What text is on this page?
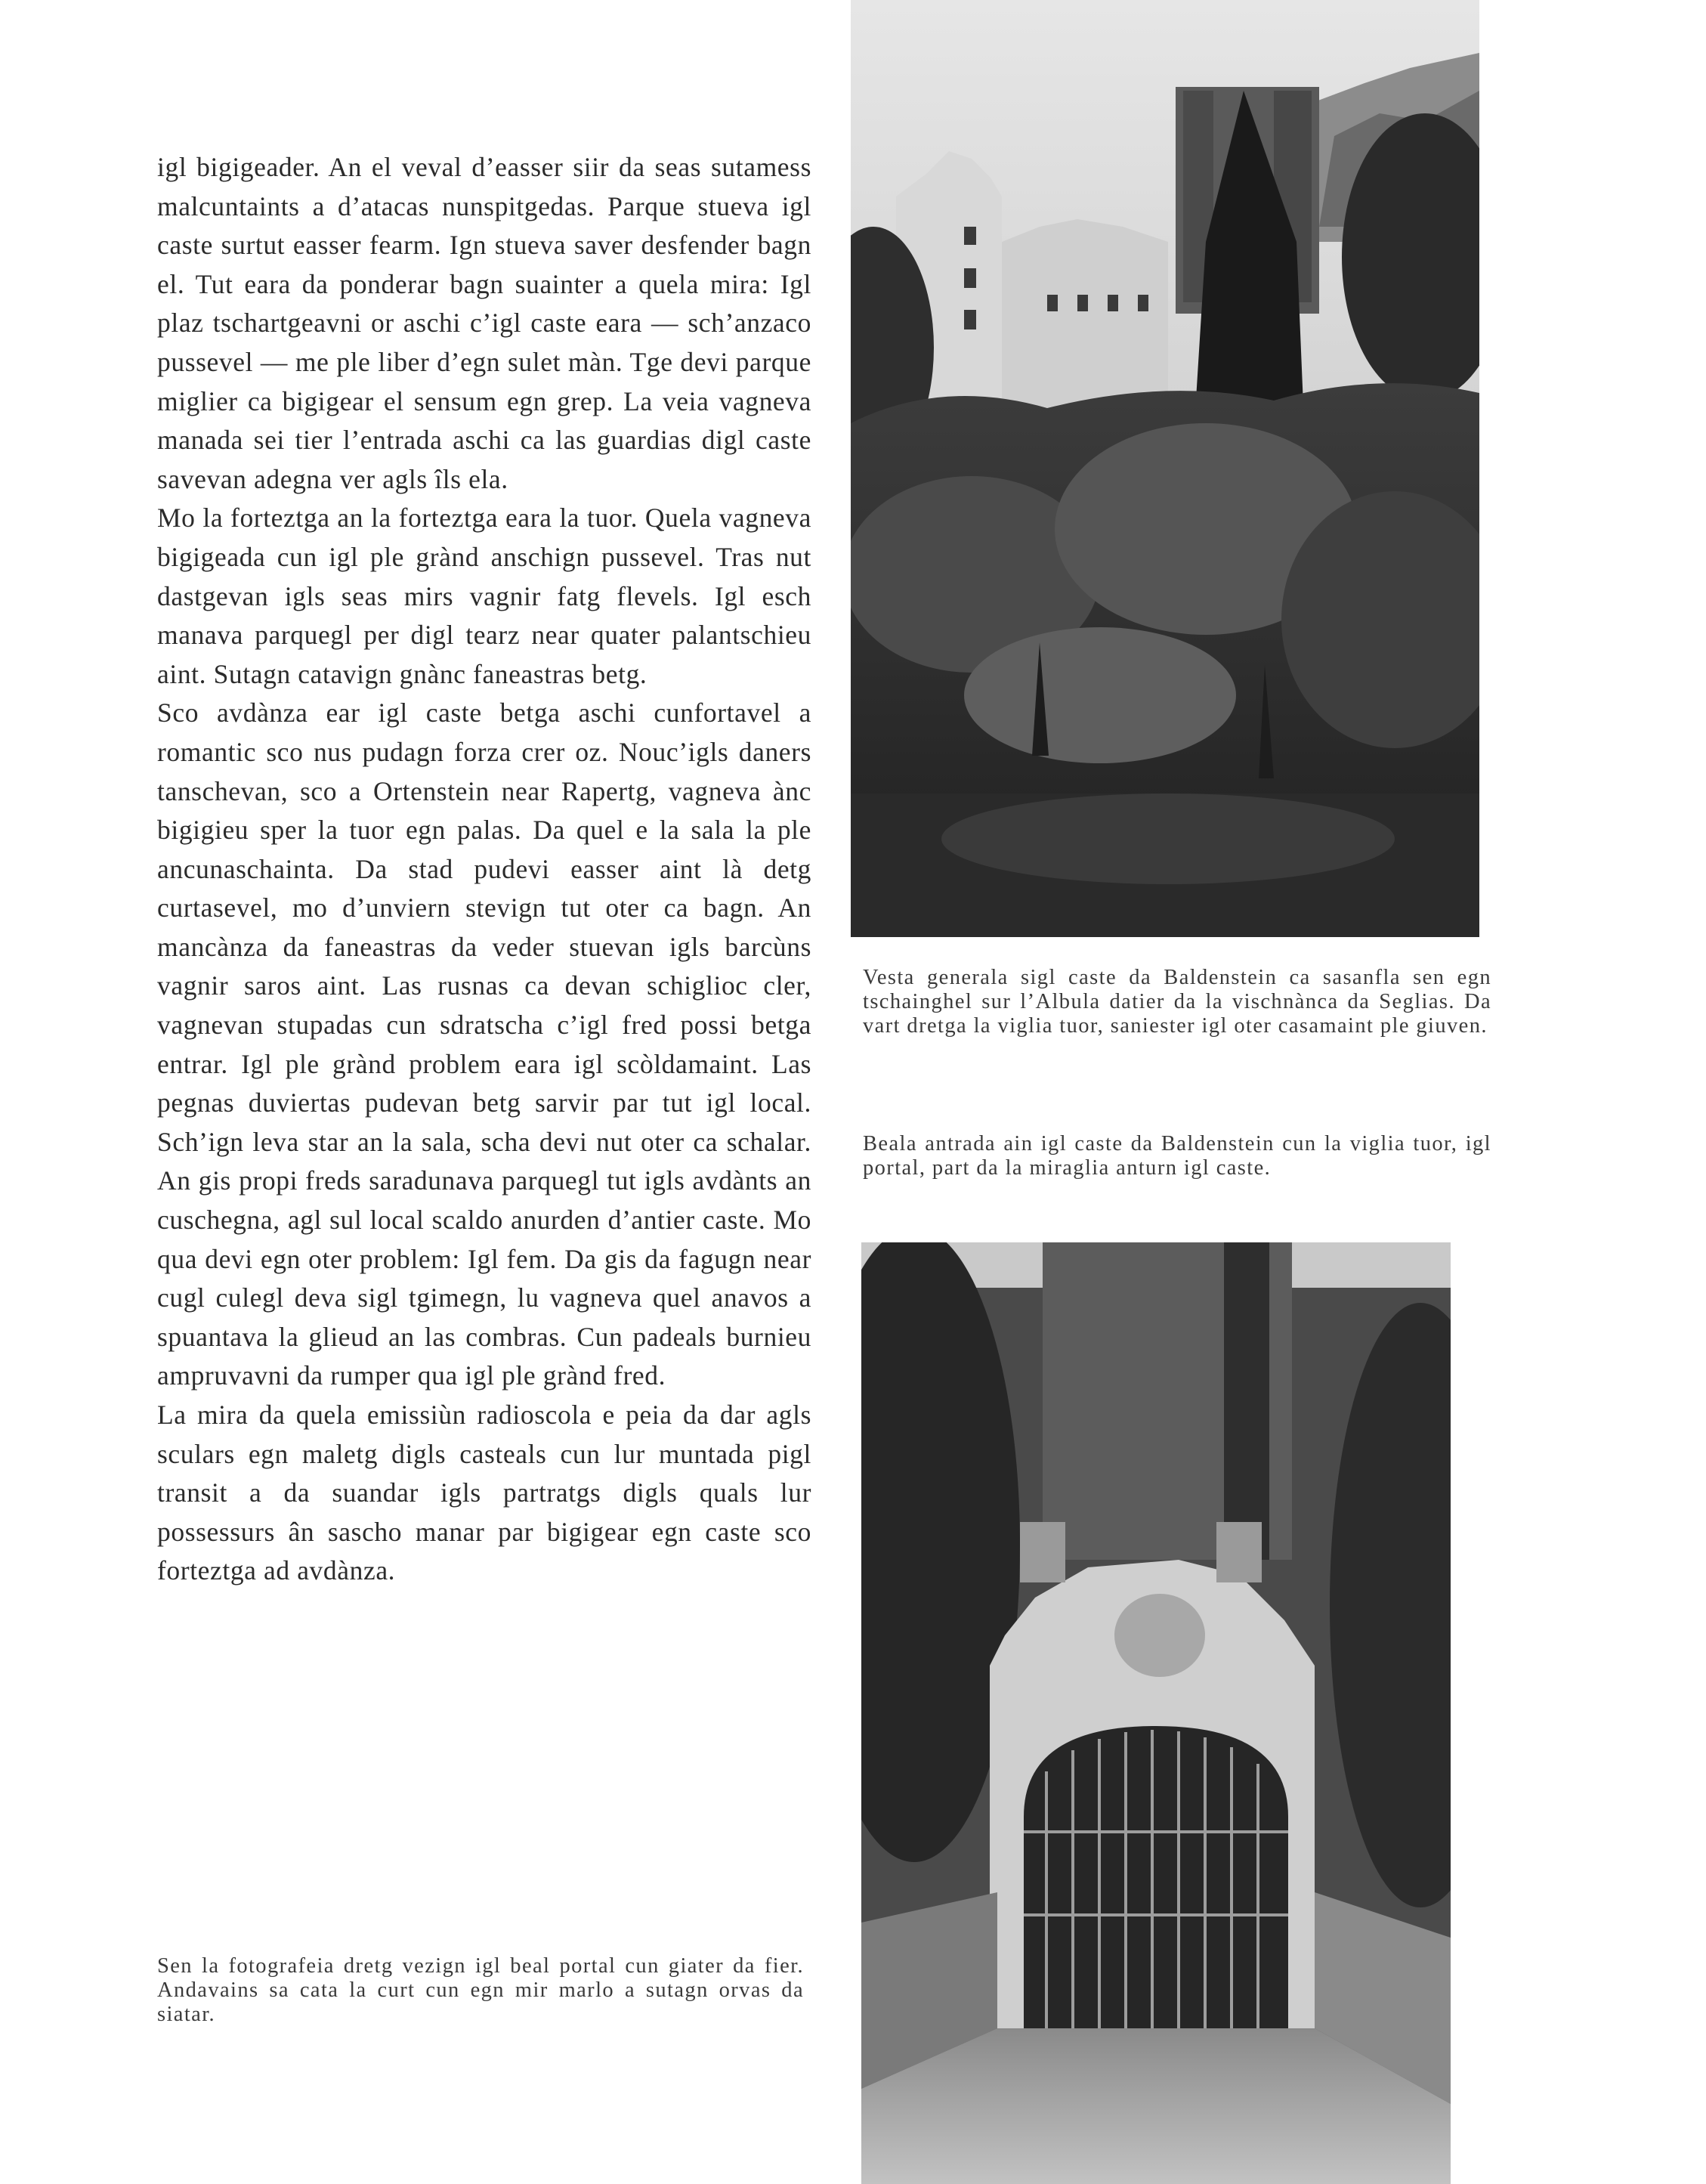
igl bigigeader. An el veval d’easser siir da seas sutamess malcuntaints a d’atacas nunspitgedas. Parque stueva igl caste surtut easser fearm. Ign stueva saver desfender bagn el. Tut eara da ponderar bagn suainter a quela mira: Igl plaz tschartgeavni or aschi c’igl caste eara — sch’anzaco pussevel — me ple liber d’egn sulet màn. Tge devi parque miglier ca bigigear el sensum egn grep. La veia vagneva manada sei tier l’entrada aschi ca las guardias digl caste savevan adegna ver agls îls ela.

Mo la forteztga an la forteztga eara la tuor. Quela vagneva bigigeada cun igl ple grànd anschign pussevel. Tras nut dastgevan igls seas mirs vagnir fatg flevels. Igl esch manava parquegl per digl tearz near quater palantschieu aint. Sutagn catavign gnànc faneastras betg.

Sco avdànza ear igl caste betga aschi cunfortavel a romantic sco nus pudagn forza crer oz. Nouc’igls daners tanschevan, sco a Ortenstein near Rapertg, vagneva ànc bigigieu sper la tuor egn palas. Da quel e la sala la ple ancunaschainta. Da stad pudevi easser aint là detg curtasevel, mo d’unviern stevign tut oter ca bagn. An mancànza da faneastras da veder stuevan igls barcùns vagnir saros aint. Las rusnas ca devan schiglioc cler, vagnevan stupadas cun sdratscha c’igl fred possi betga entrar. Igl ple grànd problem eara igl scòldamaint. Las pegnas duviertas pudevan betg sarvir par tut igl local. Sch’ign leva star an la sala, scha devi nut oter ca schalar. An gis propi freds saradunava parquegl tut igls avdànts an cuschegna, agl sul local scaldo anurden d’antier caste. Mo qua devi egn oter problem: Igl fem. Da gis da fagugn near cugl culegl deva sigl tgimegn, lu vagneva quel anavos a spuantava la glieud an las combras. Cun padeals burnieu ampruvavni da rumper qua igl ple grànd fred.

La mira da quela emissiùn radioscola e peia da dar agls sculars egn maletg digls casteals cun lur muntada pigl transit a da suandar igls partratgs digls quals lur possessurs ân sascho manar par bigigear egn caste sco forteztga ad avdànza.

Vesta generala sigl caste da Baldenstein ca sasanfla sen egn tschainghel sur l’Albula datier da la vischnànca da Seglias. Da vart dretga la viglia tuor, saniester igl oter casamaint ple giuven.
Beala antrada ain igl caste da Baldenstein cun la viglia tuor, igl portal, part da la miraglia anturn igl caste.
Sen la fotografeia dretg vezign igl beal portal cun giater da fier. Andavains sa cata la curt cun egn mir marlo a sutagn orvas da siatar.
